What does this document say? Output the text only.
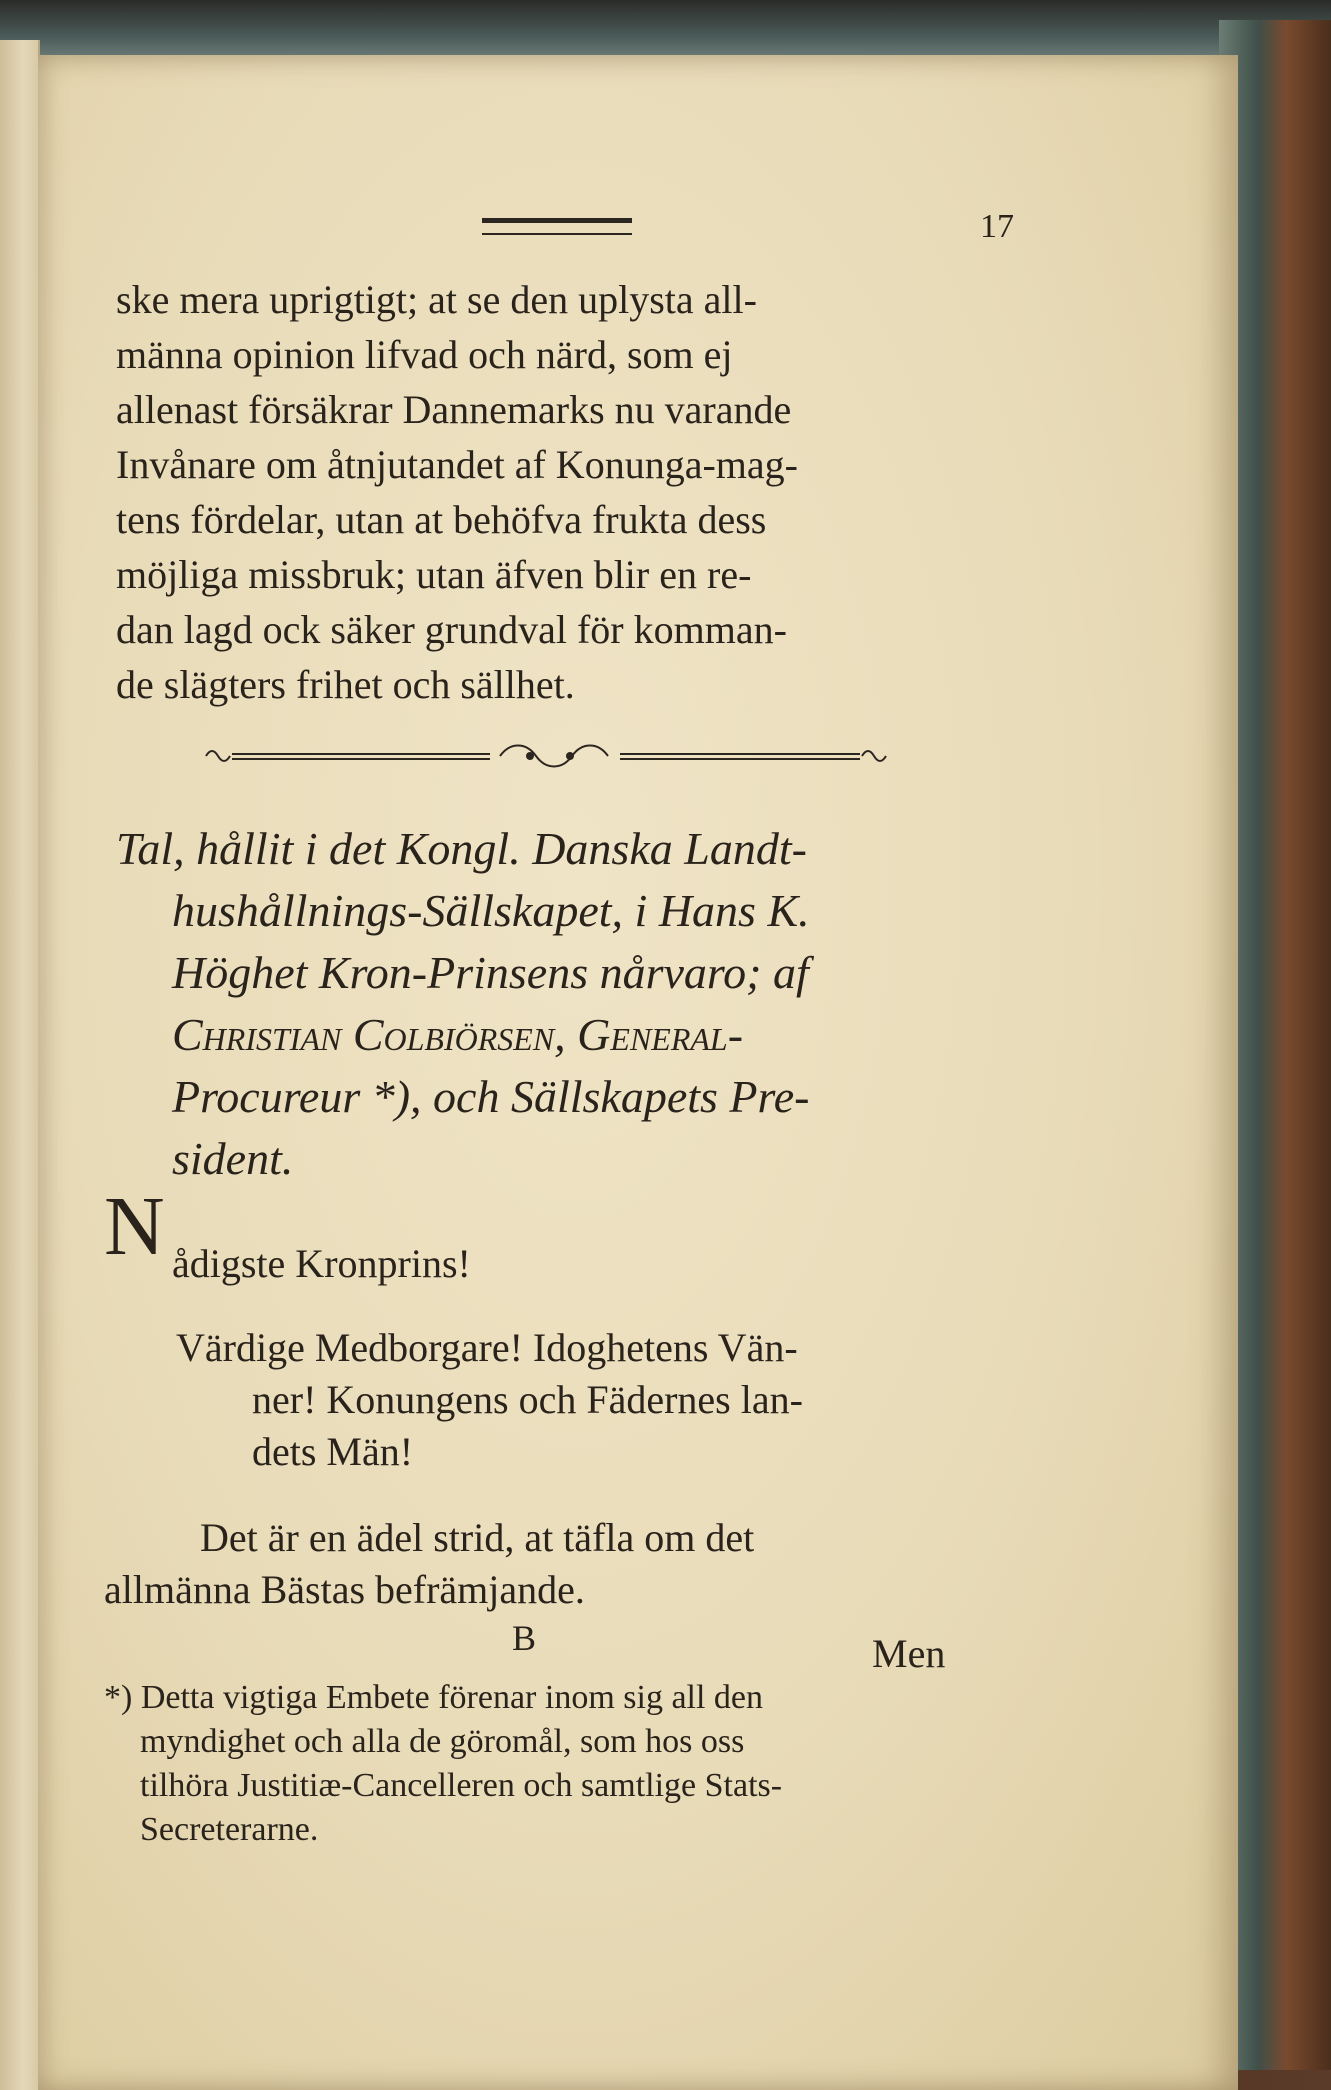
17
ske mera uprigtigt; at se den uplysta all-
männa opinion lifvad och närd, som ej
allenast försäkrar Dannemarks nu varande
Invånare om åtnjutandet af Konunga-mag-
tens fördelar, utan at behöfva frukta dess
möjliga missbruk; utan äfven blir en re-
dan lagd ock säker grundval för komman-
de slägters frihet och sällhet.
Tal, hållit i det Kongl. Danska Landt-
hushållnings-Sällskapet, i Hans K.
Höghet Kron-Prinsens nårvaro; af
Christian Colbiörsen, General-
Procureur *), och Sällskapets Pre-
sident.
N ådigste Kronprins!
Värdige Medborgare! Idoghetens Vän-
ner! Konungens och Fädernes lan-
dets Män!
Det är en ädel strid, at täfla om det
allmänna Bästas befrämjande.
B	Men
*) Detta vigtiga Embete förenar inom sig all den
myndighet och alla de göromål, som hos oss
tilhöra Justitiæ-Cancelleren och samtlige Stats-
Secreterarne.
